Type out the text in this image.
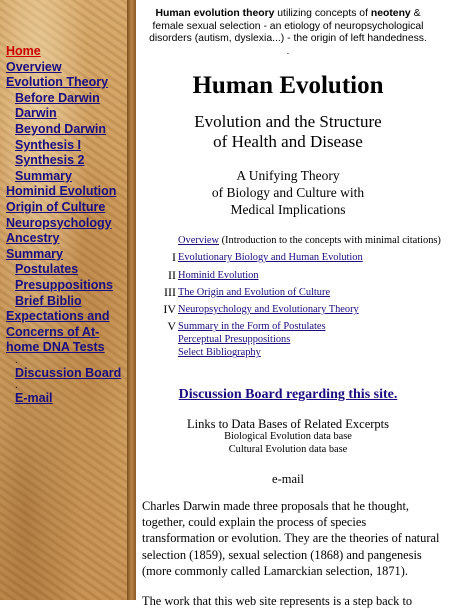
Home
Overview
Evolution Theory
Before Darwin
Darwin
Beyond Darwin
Synthesis I
Synthesis 2
Summary
Hominid Evolution
Origin of Culture
Neuropsychology
Ancestry
Summary
Postulates
Presuppositions
Brief Biblio
Expectations and Concerns of At-home DNA Tests
.
Discussion Board
.
E-mail
Human evolution theory utilizing concepts of neoteny & female sexual selection - an etiology of neuropsychological disorders (autism, dyslexia...) - the origin of left handedness.
.
Human Evolution
Evolution and the Structure
of Health and Disease
A Unifying Theory
of Biology and Culture with
Medical Implications
Overview (Introduction to the concepts with minimal citations)
I Evolutionary Biology and Human Evolution
II Hominid Evolution
III The Origin and Evolution of Culture
IV Neuropsychology and Evolutionary Theory
V Summary in the Form of Postulates
Perceptual Presuppositions
Select Bibliography
Discussion Board regarding this site.
Links to Data Bases of Related Excerpts
Biological Evolution data base
Cultural Evolution data base
e-mail
Charles Darwin made three proposals that he thought, together, could explain the process of species transformation or evolution. They are the theories of natural selection (1859), sexual selection (1868) and pangenesis (more commonly called Lamarckian selection, 1871).
The work that this web site represents is a step back to
